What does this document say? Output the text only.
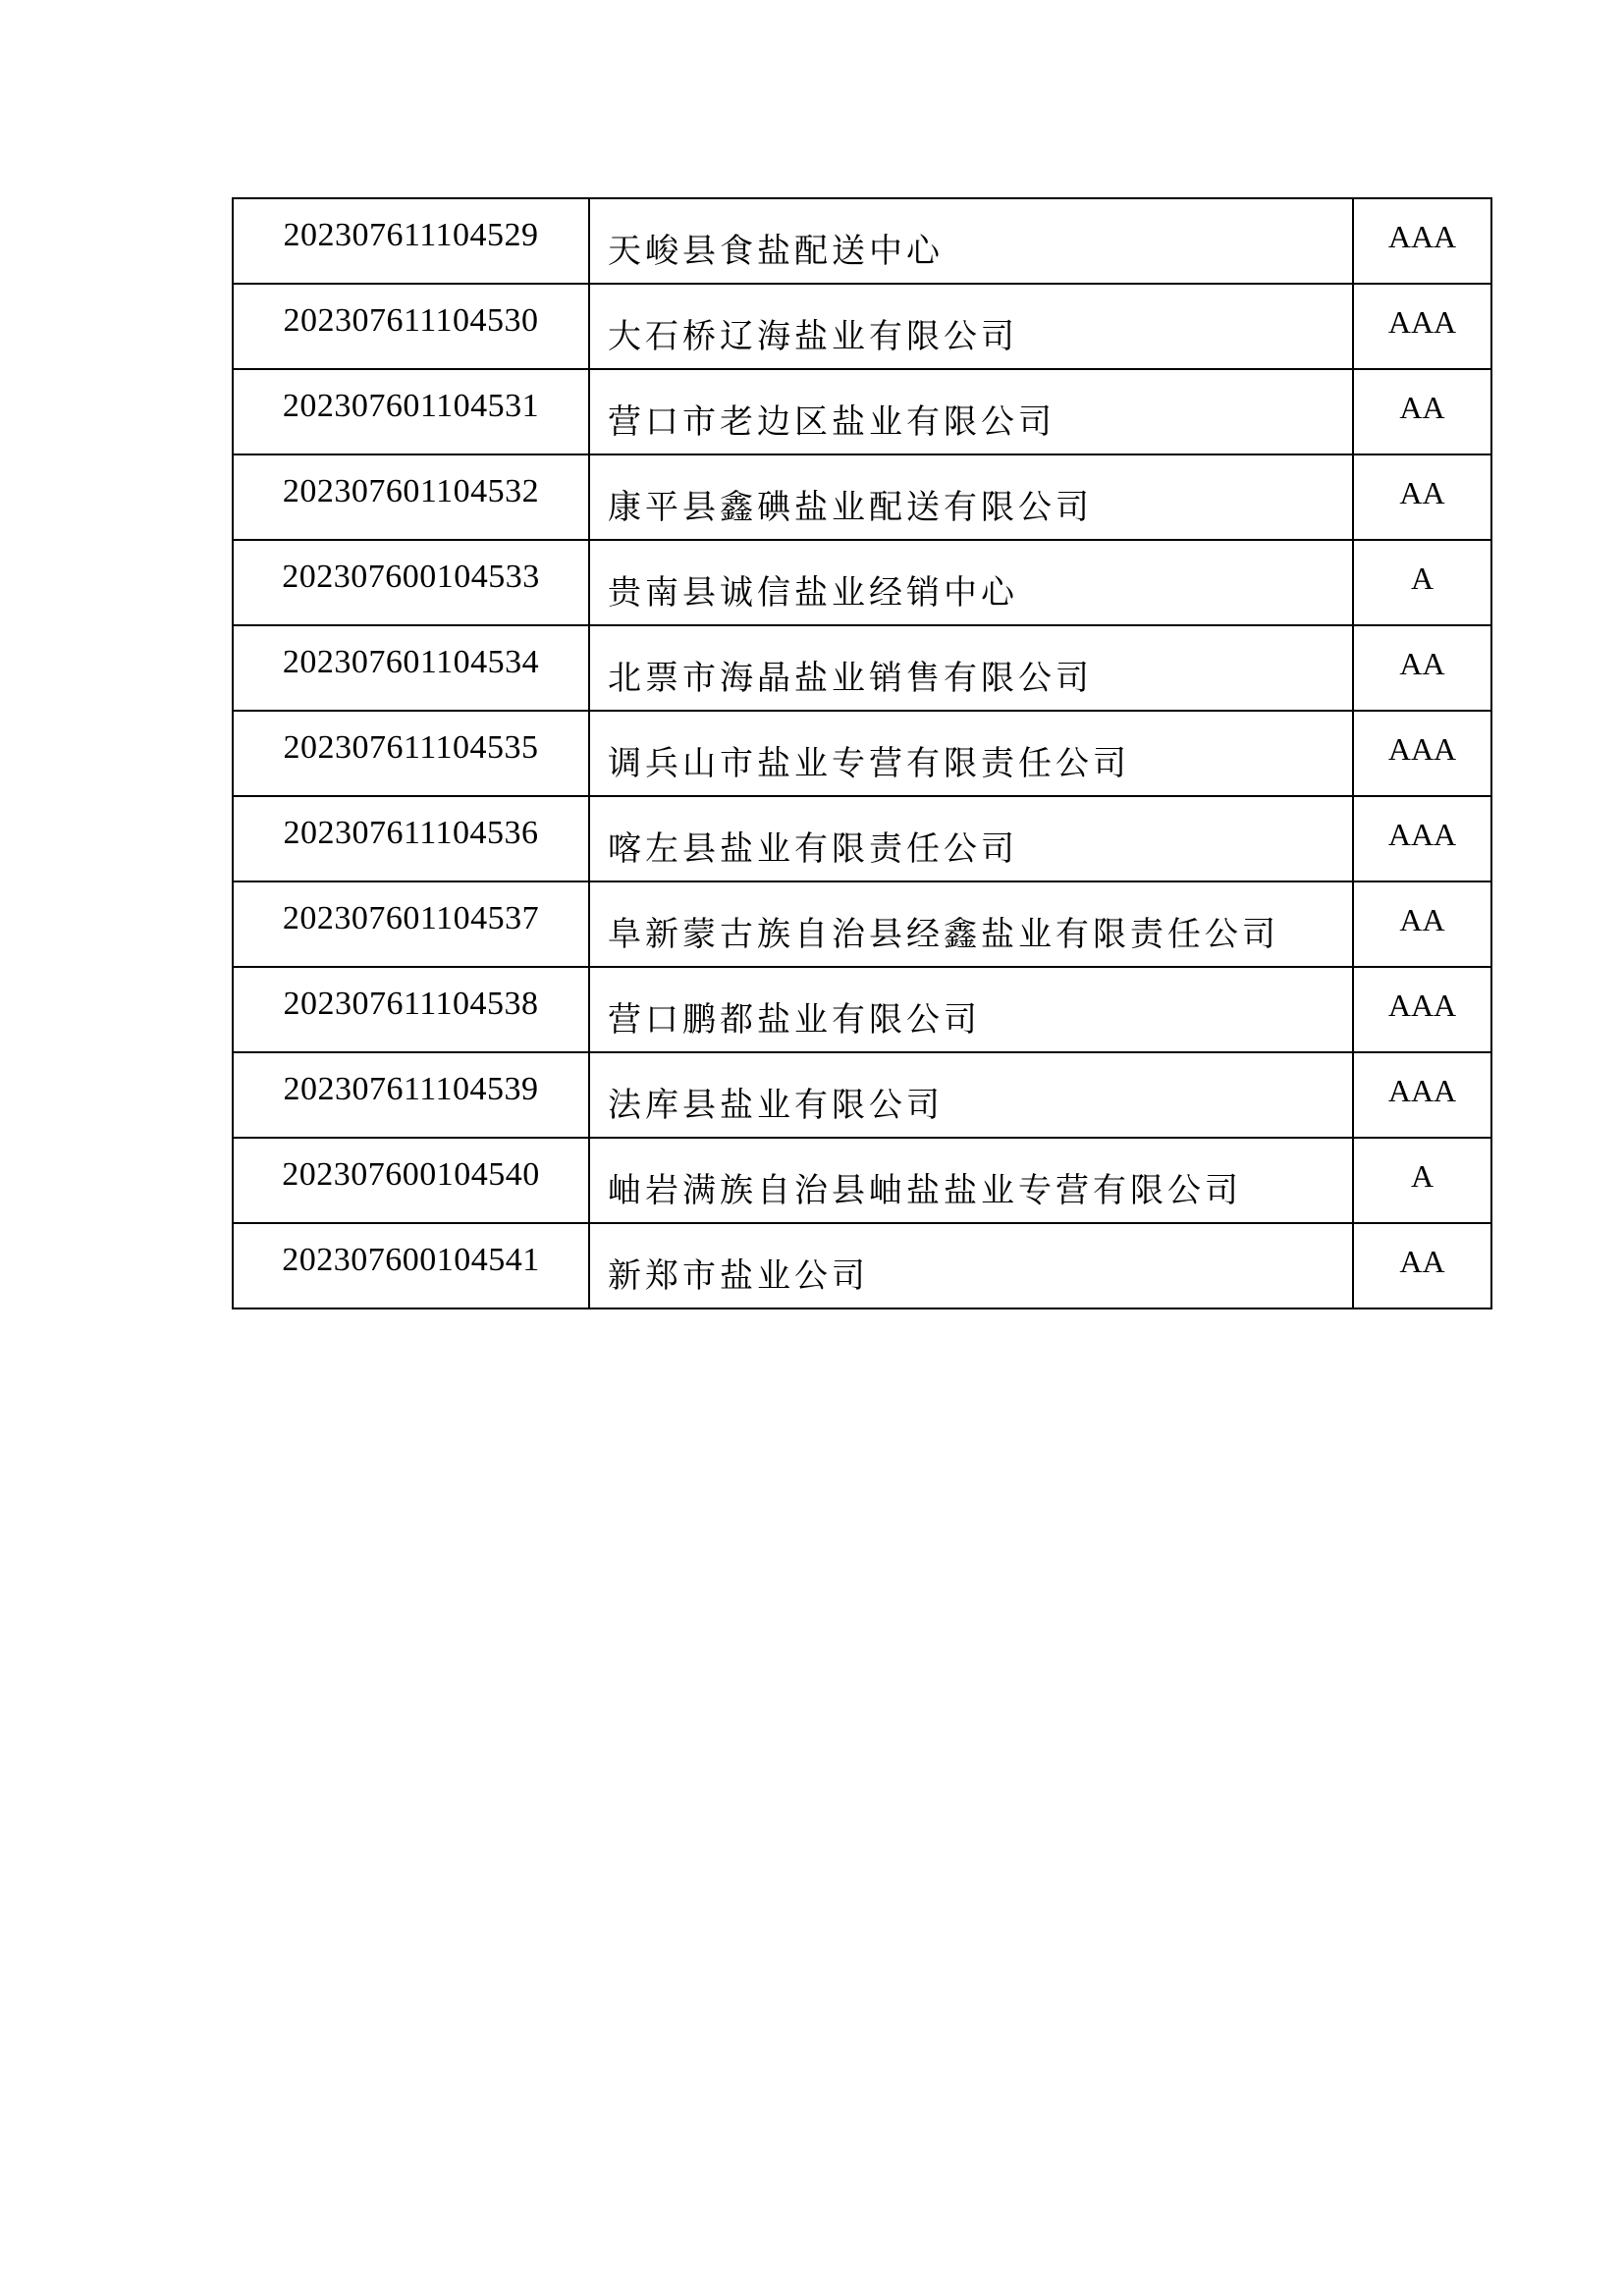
202307611104529	天峻县食盐配送中心	AAA
202307611104530	大石桥辽海盐业有限公司	AAA
202307601104531	营口市老边区盐业有限公司	AA
202307601104532	康平县鑫碘盐业配送有限公司	AA
202307600104533	贵南县诚信盐业经销中心	A
202307601104534	北票市海晶盐业销售有限公司	AA
202307611104535	调兵山市盐业专营有限责任公司	AAA
202307611104536	喀左县盐业有限责任公司	AAA
202307601104537	阜新蒙古族自治县经鑫盐业有限责任公司	AA
202307611104538	营口鹏都盐业有限公司	AAA
202307611104539	法库县盐业有限公司	AAA
202307600104540	岫岩满族自治县岫盐盐业专营有限公司	A
202307600104541	新郑市盐业公司	AA
